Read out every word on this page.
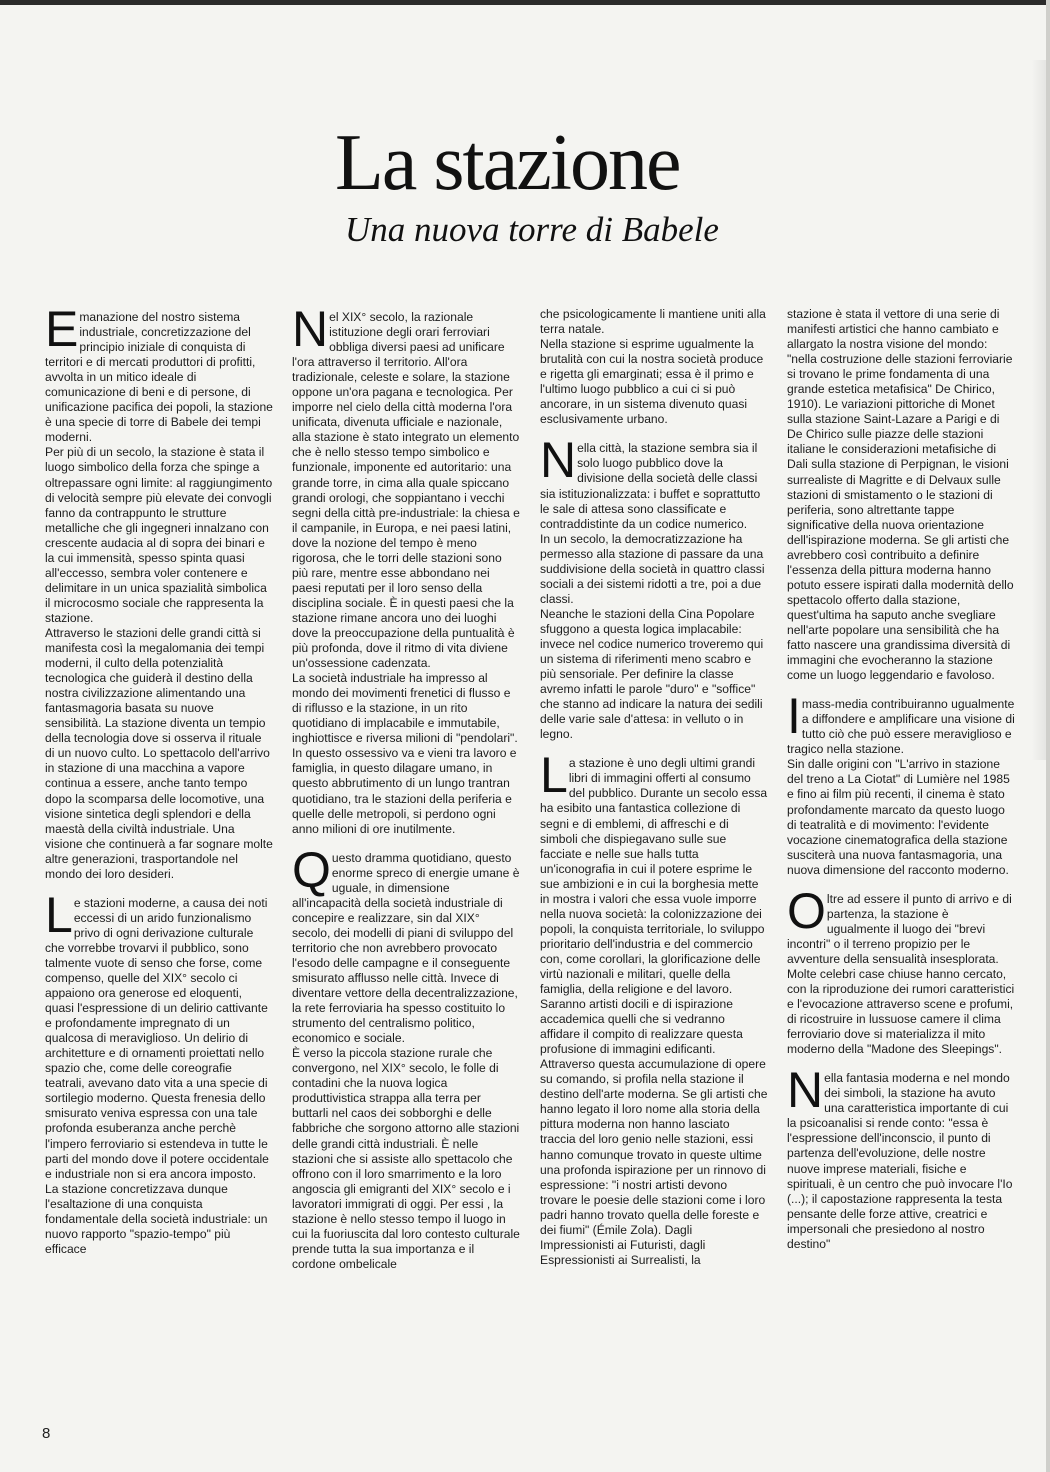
La stazione
Una nuova torre di Babele

Emanazione del nostro sistema industriale, concretizzazione del principio iniziale di conquista di territori e di mercati produttori di profitti, avvolta in un mitico ideale di comunicazione di beni e di persone, di unificazione pacifica dei popoli, la stazione è una specie di torre di Babele dei tempi moderni.

Per più di un secolo, la stazione è stata il luogo simbolico della forza che spinge a oltrepassare ogni limite: al raggiungimento di velocità sempre più elevate dei convogli fanno da contrappunto le strutture metalliche che gli ingegneri innalzano con crescente audacia al di sopra dei binari e la cui immensità, spesso spinta quasi all'eccesso, sembra voler contenere e delimitare in un unica spazialità simbolica il microcosmo sociale che rappresenta la stazione.

Attraverso le stazioni delle grandi città si manifesta così la megalomania dei tempi moderni, il culto della potenzialità tecnologica che guiderà il destino della nostra civilizzazione alimentando una fantasmagoria basata su nuove sensibilità. La stazione diventa un tempio della tecnologia dove si osserva il rituale di un nuovo culto. Lo spettacolo dell'arrivo in stazione di una macchina a vapore continua a essere, anche tanto tempo dopo la scomparsa delle locomotive, una visione sintetica degli splendori e della maestà della civiltà industriale. Una visione che continuerà a far sognare molte altre generazioni, trasportandole nel mondo dei loro desideri.

Le stazioni moderne, a causa dei noti eccessi di un arido funzionalismo privo di ogni derivazione culturale che vorrebbe trovarvi il pubblico, sono talmente vuote di senso che forse, come compenso, quelle del XIX° secolo ci appaiono ora generose ed eloquenti, quasi l'espressione di un delirio cattivante e profondamente impregnato di un qualcosa di meraviglioso. Un delirio di architetture e di ornamenti proiettati nello spazio che, come delle coreografie teatrali, avevano dato vita a una specie di sortilegio moderno. Questa frenesia dello smisurato veniva espressa con una tale profonda esuberanza anche perchè l'impero ferroviario si estendeva in tutte le parti del mondo dove il potere occidentale e industriale non si era ancora imposto.

La stazione concretizzava dunque l'esaltazione di una conquista fondamentale della società industriale: un nuovo rapporto "spazio-tempo" più efficace

Nel XIX° secolo, la razionale istituzione degli orari ferroviari obbliga diversi paesi ad unificare l'ora attraverso il territorio. All'ora tradizionale, celeste e solare, la stazione oppone un'ora pagana e tecnologica. Per imporre nel cielo della città moderna l'ora unificata, divenuta ufficiale e nazionale, alla stazione è stato integrato un elemento che è nello stesso tempo simbolico e funzionale, imponente ed autoritario: una grande torre, in cima alla quale spiccano grandi orologi, che soppiantano i vecchi segni della città pre-industriale: la chiesa e il campanile, in Europa, e nei paesi latini, dove la nozione del tempo è meno rigorosa, che le torri delle stazioni sono più rare, mentre esse abbondano nei paesi reputati per il loro senso della disciplina sociale. È in questi paesi che la stazione rimane ancora uno dei luoghi dove la preoccupazione della puntualità è più profonda, dove il ritmo di vita diviene un'ossessione cadenzata.

La società industriale ha impresso al mondo dei movimenti frenetici di flusso e di riflusso e la stazione, in un rito quotidiano di implacabile e immutabile, inghiottisce e riversa milioni di "pendolari". In questo ossessivo va e vieni tra lavoro e famiglia, in questo dilagare umano, in questo abbrutimento di un lungo trantran quotidiano, tra le stazioni della periferia e quelle delle metropoli, si perdono ogni anno milioni di ore inutilmente.

Questo dramma quotidiano, questo enorme spreco di energie umane è uguale, in dimensione all'incapacità della società industriale di concepire e realizzare, sin dal XIX° secolo, dei modelli di piani di sviluppo del territorio che non avrebbero provocato l'esodo delle campagne e il conseguente smisurato afflusso nelle città. Invece di diventare vettore della decentralizzazione, la rete ferroviaria ha spesso costituito lo strumento del centralismo politico, economico e sociale.

È verso la piccola stazione rurale che convergono, nel XIX° secolo, le folle di contadini che la nuova logica produttivistica strappa alla terra per buttarli nel caos dei sobborghi e delle fabbriche che sorgono attorno alle stazioni delle grandi città industriali. È nelle stazioni che si assiste allo spettacolo che offrono con il loro smarrimento e la loro angoscia gli emigranti del XIX° secolo e i lavoratori immigrati di oggi. Per essi , la stazione è nello stesso tempo il luogo in cui la fuoriuscita dal loro contesto culturale prende tutta la sua importanza e il cordone ombelicale

che psicologicamente li mantiene uniti alla terra natale.

Nella stazione si esprime ugualmente la brutalità con cui la nostra società produce e rigetta gli emarginati; essa è il primo e l'ultimo luogo pubblico a cui ci si può ancorare, in un sistema divenuto quasi esclusivamente urbano.

Nella città, la stazione sembra sia il solo luogo pubblico dove la divisione della società delle classi sia istituzionalizzata: i buffet e soprattutto le sale di attesa sono classificate e contraddistinte da un codice numerico.

In un secolo, la democratizzazione ha permesso alla stazione di passare da una suddivisione della società in quattro classi sociali a dei sistemi ridotti a tre, poi a due classi.

Neanche le stazioni della Cina Popolare sfuggono a questa logica implacabile: invece nel codice numerico troveremo qui un sistema di riferimenti meno scabro e più sensoriale. Per definire la classe avremo infatti le parole "duro" e "soffice" che stanno ad indicare la natura dei sedili delle varie sale d'attesa: in velluto o in legno.

La stazione è uno degli ultimi grandi libri di immagini offerti al consumo del pubblico. Durante un secolo essa ha esibito una fantastica collezione di segni e di emblemi, di affreschi e di simboli che dispiegavano sulle sue facciate e nelle sue halls tutta un'iconografia in cui il potere esprime le sue ambizioni e in cui la borghesia mette in mostra i valori che essa vuole imporre nella nuova società: la colonizzazione dei popoli, la conquista territoriale, lo sviluppo prioritario dell'industria e del commercio con, come corollari, la glorificazione delle virtù nazionali e militari, quelle della famiglia, della religione e del lavoro.

Saranno artisti docili e di ispirazione accademica quelli che si vedranno affidare il compito di realizzare questa profusione di immagini edificanti.

Attraverso questa accumulazione di opere su comando, si profila nella stazione il destino dell'arte moderna. Se gli artisti che hanno legato il loro nome alla storia della pittura moderna non hanno lasciato traccia del loro genio nelle stazioni, essi hanno comunque trovato in queste ultime una profonda ispirazione per un rinnovo di espressione: "i nostri artisti devono trovare le poesie delle stazioni come i loro padri hanno trovato quella delle foreste e dei fiumi" (Émile Zola). Dagli Impressionisti ai Futuristi, dagli Espressionisti ai Surrealisti, la

stazione è stata il vettore di una serie di manifesti artistici che hanno cambiato e allargato la nostra visione del mondo: "nella costruzione delle stazioni ferroviarie si trovano le prime fondamenta di una grande estetica metafisica" De Chirico, 1910). Le variazioni pittoriche di Monet sulla stazione Saint-Lazare a Parigi e di De Chirico sulle piazze delle stazioni italiane le considerazioni metafisiche di Dali sulla stazione di Perpignan, le visioni surrealiste di Magritte e di Delvaux sulle stazioni di smistamento o le stazioni di periferia, sono altrettante tappe significative della nuova orientazione dell'ispirazione moderna. Se gli artisti che avrebbero così contribuito a definire l'essenza della pittura moderna hanno potuto essere ispirati dalla modernità dello spettacolo offerto dalla stazione, quest'ultima ha saputo anche svegliare nell'arte popolare una sensibilità che ha fatto nascere una grandissima diversità di immagini che evocheranno la stazione come un luogo leggendario e favoloso.

Imass-media contribuiranno ugualmente a diffondere e amplificare una visione di tutto ciò che può essere meraviglioso e tragico nella stazione.

Sin dalle origini con "L'arrivo in stazione del treno a La Ciotat" di Lumière nel 1985 e fino ai film più recenti, il cinema è stato profondamente marcato da questo luogo di teatralità e di movimento: l'evidente vocazione cinematografica della stazione susciterà una nuova fantasmagoria, una nuova dimensione del racconto moderno.

Oltre ad essere il punto di arrivo e di partenza, la stazione è ugualmente il luogo dei "brevi incontri" o il terreno propizio per le avventure della sensualità insesplorata. Molte celebri case chiuse hanno cercato, con la riproduzione dei rumori caratteristici e l'evocazione attraverso scene e profumi, di ricostruire in lussuose camere il clima ferroviario dove si materializza il mito moderno della "Madone des Sleepings".

Nella fantasia moderna e nel mondo dei simboli, la stazione ha avuto una caratteristica importante di cui la psicoanalisi si rende conto: "essa è l'espressione dell'inconscio, il punto di partenza dell'evoluzione, delle nostre nuove imprese materiali, fisiche e spirituali, è un centro che può invocare l'Io (...); il capostazione rappresenta la testa pensante delle forze attive, creatrici e impersonali che presiedono al nostro destino"

8
